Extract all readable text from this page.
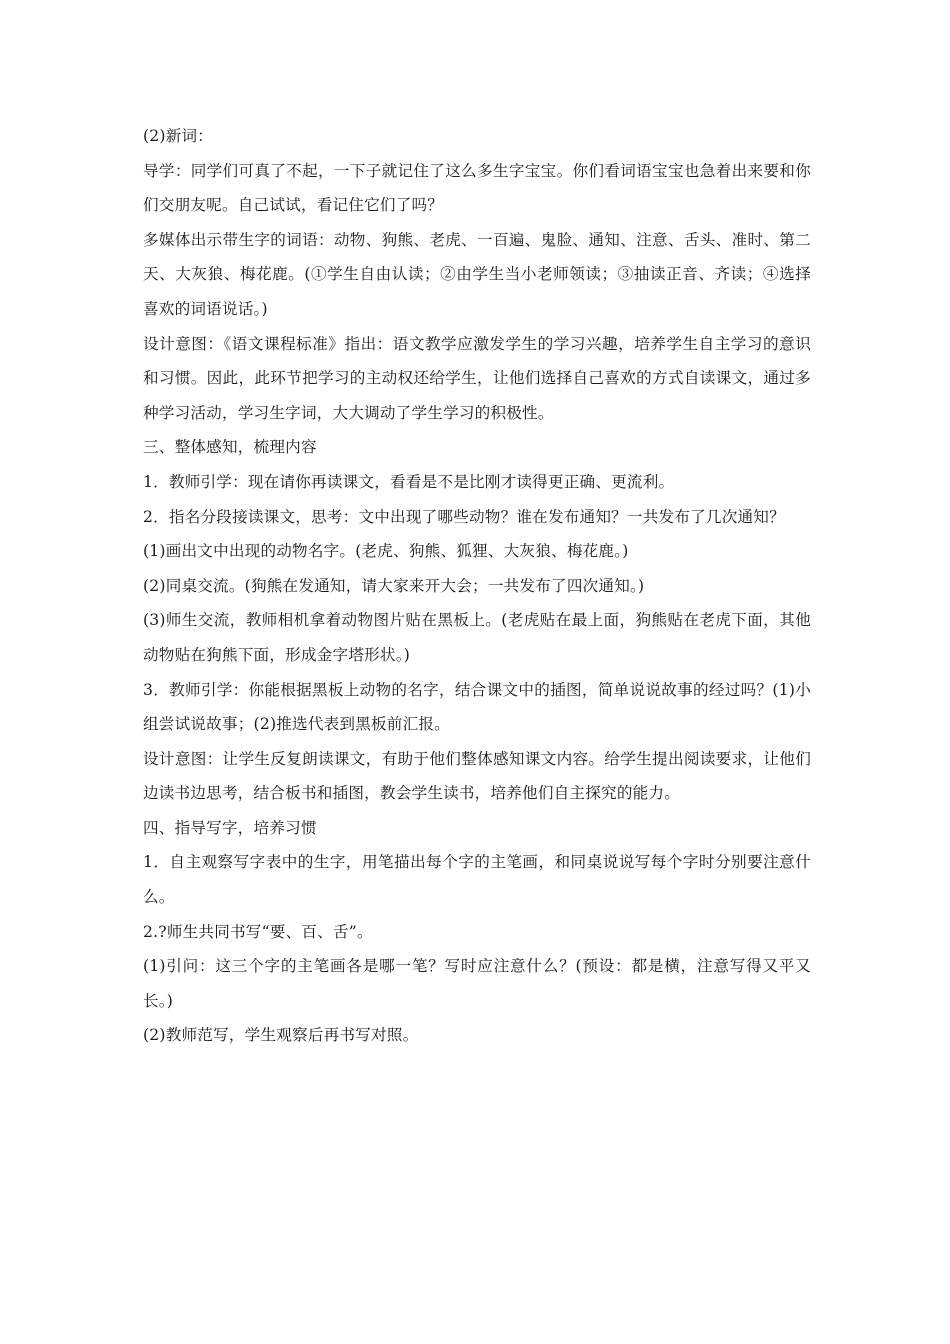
(2)新词：

导学：同学们可真了不起，一下子就记住了这么多生字宝宝。你们看词语宝宝也急着出来要和你们交朋友呢。自己试试，看记住它们了吗？

多媒体出示带生字的词语：动物、狗熊、老虎、一百遍、鬼脸、通知、注意、舌头、准时、第二天、大灰狼、梅花鹿。(①学生自由认读；②由学生当小老师领读；③抽读正音、齐读；④选择喜欢的词语说话。)

设计意图：《语文课程标准》指出：语文教学应激发学生的学习兴趣，培养学生自主学习的意识和习惯。因此，此环节把学习的主动权还给学生，让他们选择自己喜欢的方式自读课文，通过多种学习活动，学习生字词，大大调动了学生学习的积极性。

三、整体感知，梳理内容

1．教师引学：现在请你再读课文，看看是不是比刚才读得更正确、更流利。

2．指名分段接读课文，思考：文中出现了哪些动物？谁在发布通知？一共发布了几次通知？

(1)画出文中出现的动物名字。(老虎、狗熊、狐狸、大灰狼、梅花鹿。)

(2)同桌交流。(狗熊在发通知，请大家来开大会；一共发布了四次通知。)

(3)师生交流，教师相机拿着动物图片贴在黑板上。(老虎贴在最上面，狗熊贴在老虎下面，其他动物贴在狗熊下面，形成金字塔形状。)

3．教师引学：你能根据黑板上动物的名字，结合课文中的插图，简单说说故事的经过吗？(1)小组尝试说故事；(2)推选代表到黑板前汇报。

设计意图：让学生反复朗读课文，有助于他们整体感知课文内容。给学生提出阅读要求，让他们边读书边思考，结合板书和插图，教会学生读书，培养他们自主探究的能力。

四、指导写字，培养习惯

1．自主观察写字表中的生字，用笔描出每个字的主笔画，和同桌说说写每个字时分别要注意什么。

2.?师生共同书写“要、百、舌”。

(1)引问：这三个字的主笔画各是哪一笔？写时应注意什么？(预设：都是横，注意写得又平又长。)

(2)教师范写，学生观察后再书写对照。
